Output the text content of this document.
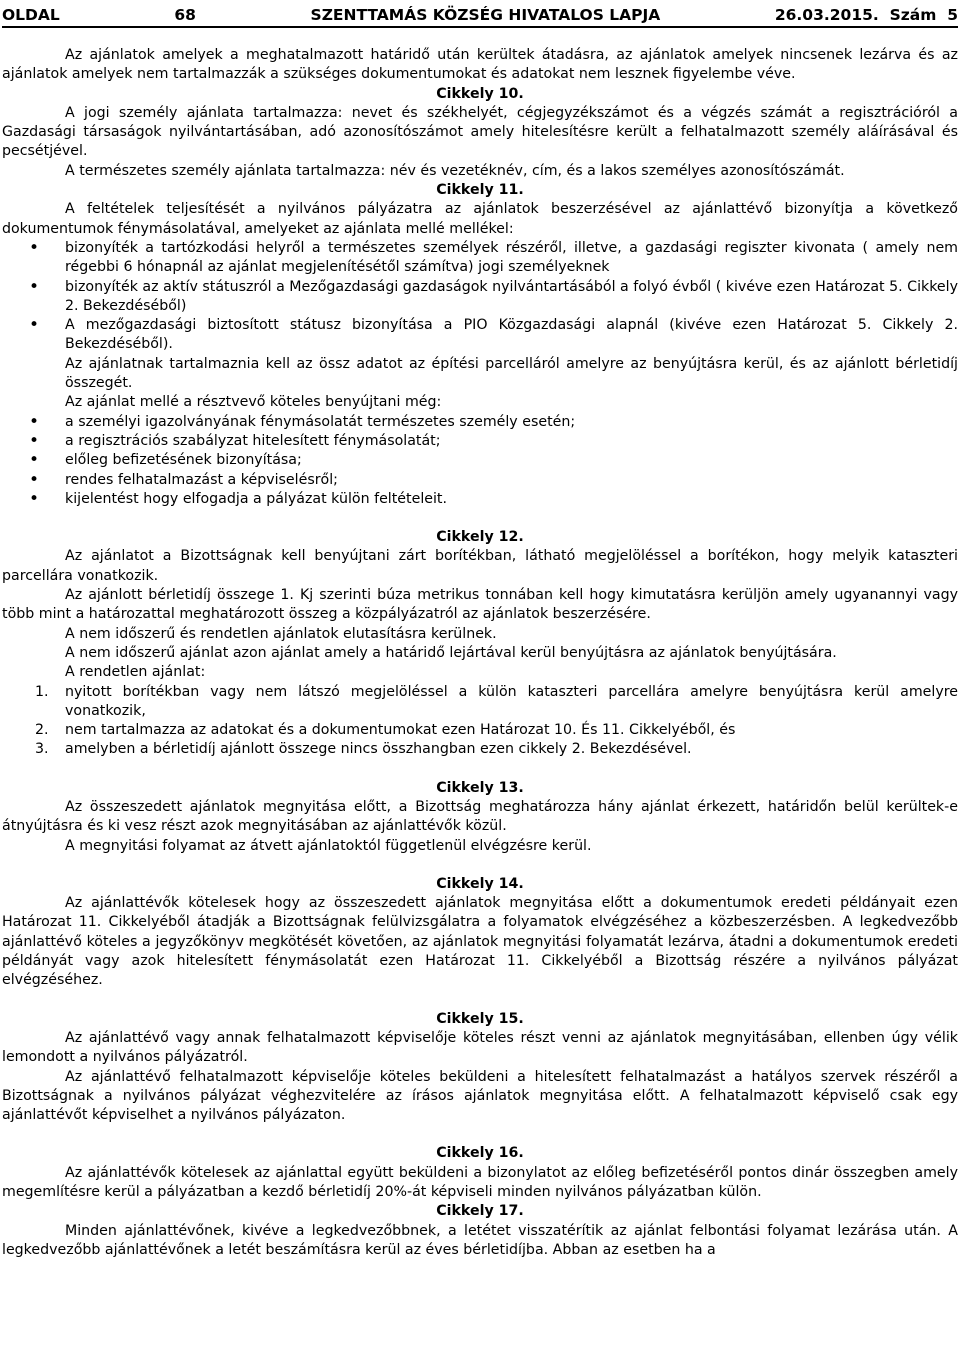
OLDAL	68	SZENTTAMÁS KÖZSÉG HIVATALOS LAPJA	26.03.2015. Szám 5

Az ajánlatok amelyek a meghatalmazott határidő után kerültek átadásra, az ajánlatok amelyek nincsenek lezárva és az ajánlatok amelyek nem tartalmazzák a szükséges dokumentumokat és adatokat nem lesznek figyelembe véve.

Cikkely 10.

A jogi személy ajánlata tartalmazza: nevet és székhelyét, cégjegyzékszámot és a végzés számát a regisztrációról a Gazdasági társaságok nyilvántartásában, adó azonosítószámot amely hitelesítésre került a felhatalmazott személy aláírásával és pecsétjével.

A természetes személy ajánlata tartalmazza: név és vezetéknév, cím, és a lakos személyes azonosítószámát.

Cikkely 11.

A feltételek teljesítését a nyilvános pályázatra az ajánlatok beszerzésével az ajánlattévő bizonyítja a következő dokumentumok fénymásolatával, amelyeket az ajánlata mellé mellékel:

• bizonyíték a tartózkodási helyről a természetes személyek részéről, illetve, a gazdasági regiszter kivonata ( amely nem régebbi 6 hónapnál az ajánlat megjelenítésétől számítva) jogi személyeknek
• bizonyíték az aktív státuszról a Mezőgazdasági gazdaságok nyilvántartásából a folyó évből ( kivéve ezen Határozat 5. Cikkely 2. Bekezdéséből)
• A mezőgazdasági biztosított státusz bizonyítása a PIO Közgazdasági alapnál (kivéve ezen Határozat 5. Cikkely 2. Bekezdéséből).
Az ajánlatnak tartalmaznia kell az össz adatot az építési parcelláról amelyre az benyújtásra kerül, és az ajánlott bérletidíj összegét.
Az ajánlat mellé a résztvevő köteles benyújtani még:
• a személyi igazolványának fénymásolatát természetes személy esetén;
• a regisztrációs szabályzat hitelesített fénymásolatát;
• előleg befizetésének bizonyítása;
• rendes felhatalmazást a képviselésről;
• kijelentést hogy elfogadja a pályázat külön feltételeit.
Cikkely 12.

Az ajánlatot a Bizottságnak kell benyújtani zárt borítékban, látható megjelöléssel a borítékon, hogy melyik kataszteri parcellára vonatkozik.

Az ajánlott bérletidíj összege 1. Kj szerinti búza metrikus tonnában kell hogy kimutatásra kerüljön amely ugyanannyi vagy több mint a határozattal meghatározott összeg a közpályázatról az ajánlatok beszerzésére.

A nem időszerű és rendetlen ajánlatok elutasításra kerülnek.

A nem időszerű ajánlat azon ajánlat amely a határidő lejártával kerül benyújtásra az ajánlatok benyújtására.

A rendetlen ajánlat:

1. nyitott borítékban vagy nem látszó megjelöléssel a külön kataszteri parcellára amelyre benyújtásra kerül amelyre vonatkozik,
2. nem tartalmazza az adatokat és a dokumentumokat ezen Határozat 10. És 11. Cikkelyéből, és
3. amelyben a bérletidíj ajánlott összege nincs összhangban ezen cikkely 2. Bekezdésével.
Cikkely 13.

Az összeszedett ajánlatok megnyitása előtt, a Bizottság meghatározza hány ajánlat érkezett, határidőn belül kerültek-e átnyújtásra és ki vesz részt azok megnyitásában az ajánlattévők közül.

A megnyitási folyamat az átvett ajánlatoktól függetlenül elvégzésre kerül.

Cikkely 14.

Az ajánlattévők kötelesek hogy az összeszedett ajánlatok megnyitása előtt a dokumentumok eredeti példányait ezen Határozat 11. Cikkelyéből átadják a Bizottságnak felülvizsgálatra a folyamatok elvégzéséhez a közbeszerzésben. A legkedvezőbb ajánlattévő köteles a jegyzőkönyv megkötését követően, az ajánlatok megnyitási folyamatát lezárva, átadni a dokumentumok eredeti példányát vagy azok hitelesített fénymásolatát ezen Határozat 11. Cikkelyéből a Bizottság részére a nyilvános pályázat elvégzéséhez.

Cikkely 15.

Az ajánlattévő vagy annak felhatalmazott képviselője köteles részt venni az ajánlatok megnyitásában, ellenben úgy vélik lemondott a nyilvános pályázatról.

Az ajánlattévő felhatalmazott képviselője köteles beküldeni a hitelesített felhatalmazást a hatályos szervek részéről a Bizottságnak a nyilvános pályázat véghezvitelére az írásos ajánlatok megnyitása előtt. A felhatalmazott képviselő csak egy ajánlattévőt képviselhet a nyilvános pályázaton.

Cikkely 16.

Az ajánlattévők kötelesek az ajánlattal együtt beküldeni a bizonylatot az előleg befizetéséről pontos dinár összegben amely megemlítésre kerül a pályázatban a kezdő bérletidíj 20%-át képviseli minden nyilvános pályázatban külön.

Cikkely 17.

Minden ajánlattévőnek, kivéve a legkedvezőbbnek, a letétet visszatérítik az ajánlat felbontási folyamat lezárása után. A legkedvezőbb ajánlattévőnek a letét beszámításra kerül az éves bérletidíjba. Abban az esetben ha a
